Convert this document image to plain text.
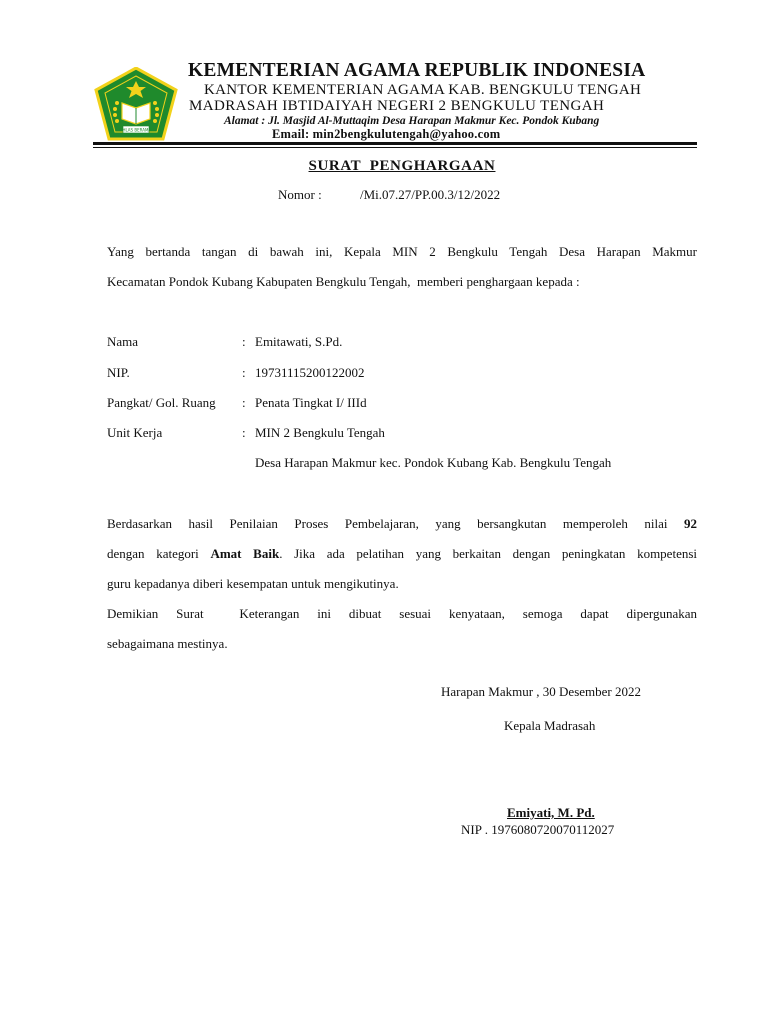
IKHLAS BERAMAL
KEMENTERIAN AGAMA REPUBLIK INDONESIA
KANTOR KEMENTERIAN AGAMA KAB. BENGKULU TENGAH
MADRASAH IBTIDAIYAH NEGERI 2 BENGKULU TENGAH
Alamat : Jl. Masjid Al-Muttaqim Desa Harapan Makmur Kec. Pondok Kubang
Email: min2bengkulutengah@yahoo.com
SURAT  PENGHARGAAN
Nomor :	/Mi.07.27/PP.00.3/12/2022
Yang bertanda tangan di bawah ini, Kepala MIN 2 Bengkulu Tengah Desa Harapan Makmur
Kecamatan Pondok Kubang Kabupaten Bengkulu Tengah,  memberi penghargaan kepada :
Nama	: Emitawati, S.Pd.
NIP.	: 19731115200122002
Pangkat/ Gol. Ruang : Penata Tingkat I/ IIId
Unit Kerja	: MIN 2 Bengkulu Tengah
Desa Harapan Makmur kec. Pondok Kubang Kab. Bengkulu Tengah
Berdasarkan hasil Penilaian Proses Pembelajaran, yang bersangkutan memperoleh nilai 92
dengan kategori Amat Baik. Jika ada pelatihan yang berkaitan dengan peningkatan kompetensi
guru kepadanya diberi kesempatan untuk mengikutinya.
Demikian Surat  Keterangan ini dibuat sesuai kenyataan, semoga dapat dipergunakan
sebagaimana mestinya.
Harapan Makmur , 30 Desember 2022
Kepala Madrasah
Emiyati, M. Pd.
NIP . 1976080720070112027
